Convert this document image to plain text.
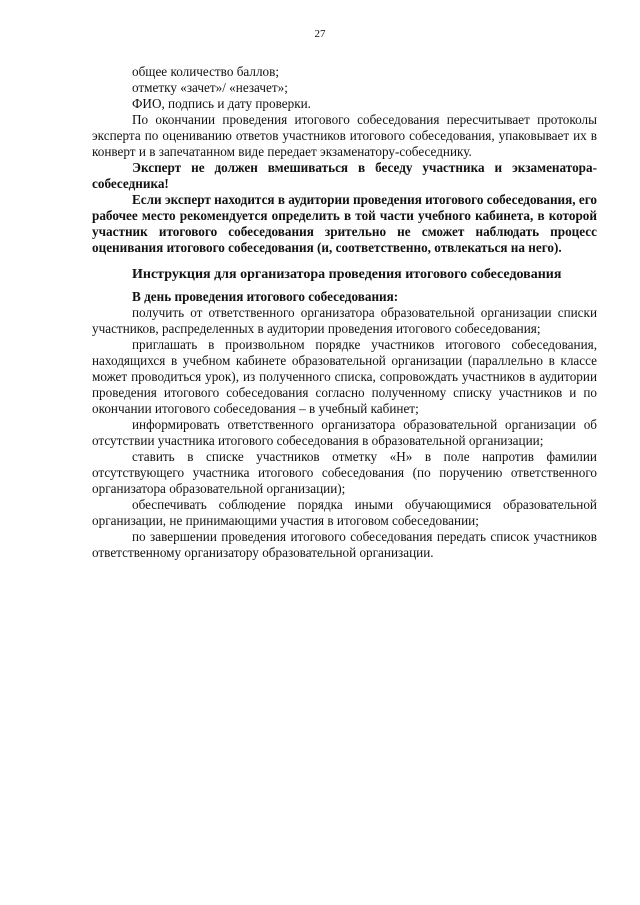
27

общее количество баллов;

отметку «зачет»/ «незачет»;

ФИО, подпись и дату проверки.

По окончании проведения итогового собеседования пересчитывает протоколы эксперта по оцениванию ответов участников итогового собеседования, упаковывает их в конверт и в запечатанном виде передает экзаменатору-собеседнику.

Эксперт не должен вмешиваться в беседу участника и экзаменатора-собеседника!

Если эксперт находится в аудитории проведения итогового собеседования, его рабочее место рекомендуется определить в той части учебного кабинета, в которой участник итогового собеседования зрительно не сможет наблюдать процесс оценивания итогового собеседования (и, соответственно, отвлекаться на него).

Инструкция для организатора проведения итогового собеседования

В день проведения итогового собеседования:

получить от ответственного организатора образовательной организации списки участников, распределенных в аудитории проведения итогового собеседования;

приглашать в произвольном порядке участников итогового собеседования, находящихся в учебном кабинете образовательной организации (параллельно в классе может проводиться урок), из полученного списка, сопровождать участников в аудитории проведения итогового собеседования согласно полученному списку участников и по окончании итогового собеседования – в учебный кабинет;

информировать ответственного организатора образовательной организации об отсутствии участника итогового собеседования в образовательной организации;

ставить в списке участников отметку «Н» в поле напротив фамилии отсутствующего участника итогового собеседования (по поручению ответственного организатора образовательной организации);

обеспечивать соблюдение порядка иными обучающимися образовательной организации, не принимающими участия в итоговом собеседовании;

по завершении проведения итогового собеседования передать список участников ответственному организатору образовательной организации.
